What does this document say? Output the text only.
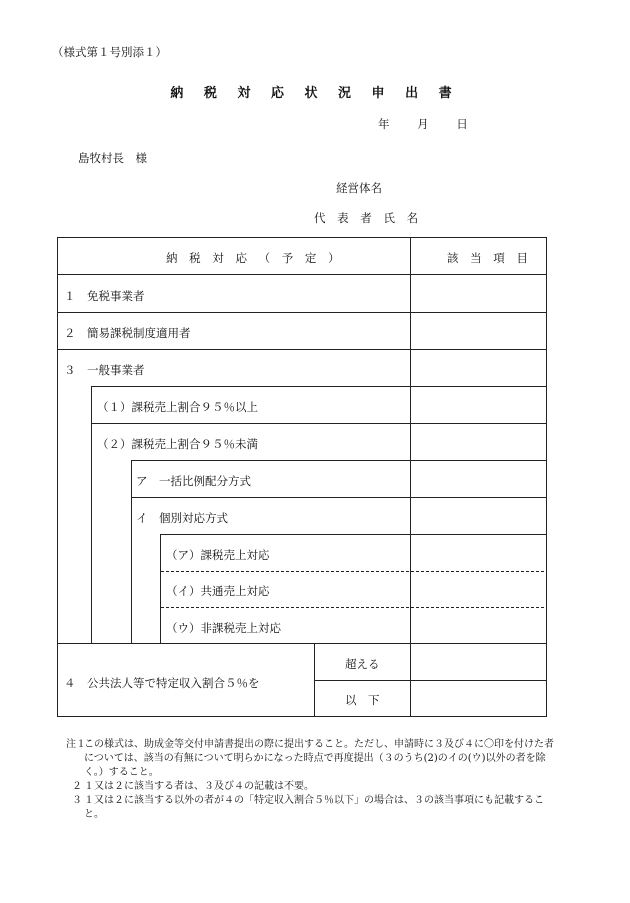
（様式第１号別添１）
納 税 対 応 状 況 申 出 書
年 月 日
島牧村長　様
経営体名
代 表 者 氏 名
納 税 対 応 （ 予 定 ）	該 当 項 目
１　免税事業者
２　簡易課税制度適用者
３　一般事業者
（１）課税売上割合９５％以上
（２）課税売上割合９５％未満
ア　一括比例配分方式
イ　個別対応方式
（ア）課税売上対応
（イ）共通売上対応
（ウ）非課税売上対応
４　公共法人等で特定収入割合５％を
超える
以　下
注１
この様式は、助成金等交付申請書提出の際に提出すること。ただし、申請時に３及び４に〇印を付けた者については、該当の有無について明らかになった時点で再度提出（３のうち(2)のイの(ウ)以外の者を除く。）すること。
２ １又は２に該当する者は、３及び４の記載は不要。
３ １又は２に該当する以外の者が４の「特定収入割合５％以下」の場合は、３の該当事項にも記載すること。
